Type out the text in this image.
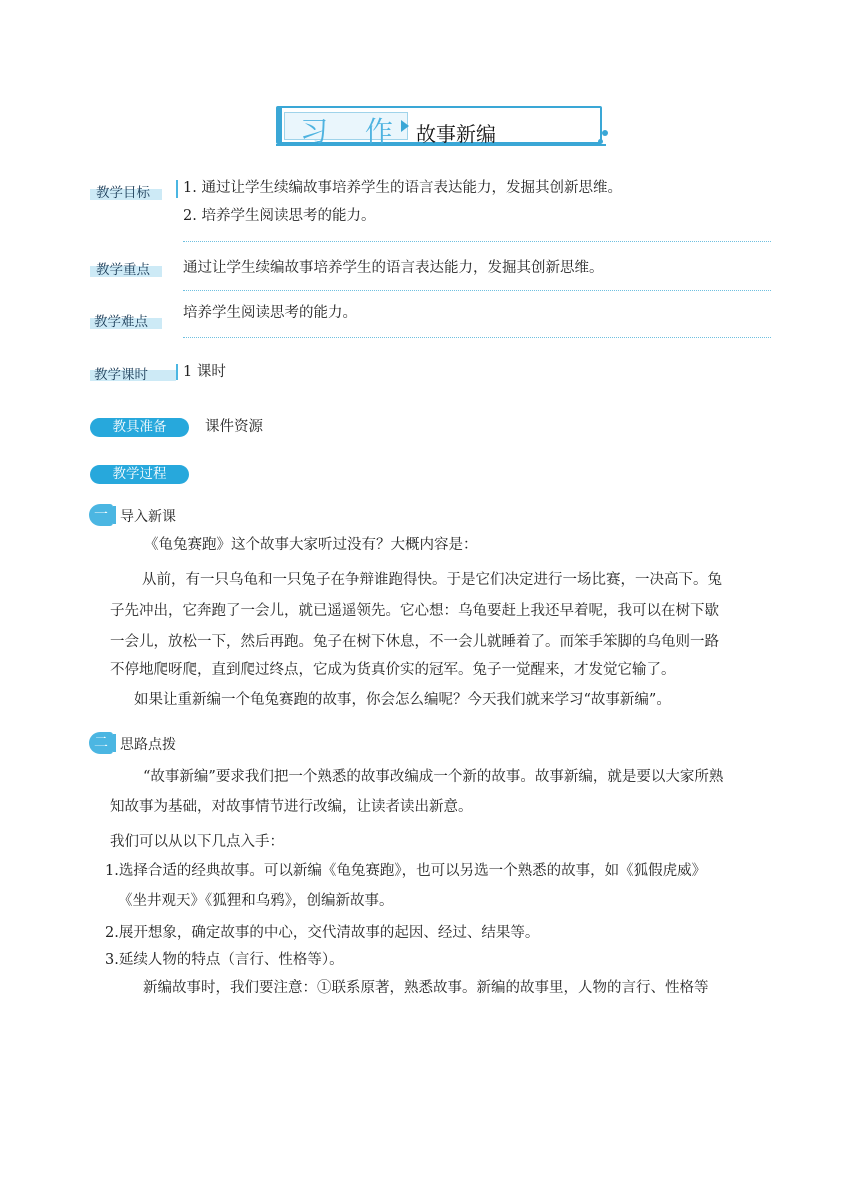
习 作 故事新编
教学目标 1. 通过让学生续编故事培养学生的语言表达能力，发掘其创新思维。
2. 培养学生阅读思考的能力。
教学重点 通过让学生续编故事培养学生的语言表达能力，发掘其创新思维。
教学难点
培养学生阅读思考的能力。
教学课时 1 课时
教具准备	课件资源
教学过程
一 导入新课
《龟兔赛跑》这个故事大家听过没有？大概内容是：
从前，有一只乌龟和一只兔子在争辩谁跑得快。于是它们决定进行一场比赛，一决高下。兔
子先冲出，它奔跑了一会儿，就已遥遥领先。它心想：乌龟要赶上我还早着呢，我可以在树下歇
一会儿，放松一下，然后再跑。兔子在树下休息，不一会儿就睡着了。而笨手笨脚的乌龟则一路
不停地爬呀爬，直到爬过终点，它成为货真价实的冠军。兔子一觉醒来，才发觉它输了。
如果让重新编一个龟兔赛跑的故事，你会怎么编呢？今天我们就来学习“故事新编”。
二 思路点拨
“故事新编”要求我们把一个熟悉的故事改编成一个新的故事。故事新编，就是要以大家所熟
知故事为基础，对故事情节进行改编，让读者读出新意。
我们可以从以下几点入手：
1.选择合适的经典故事。可以新编《龟兔赛跑》，也可以另选一个熟悉的故事，如《狐假虎威》
《坐井观天》《狐狸和乌鸦》，创编新故事。
2.展开想象，确定故事的中心，交代清故事的起因、经过、结果等。
3.延续人物的特点（言行、性格等）。
新编故事时，我们要注意：①联系原著，熟悉故事。新编的故事里，人物的言行、性格等
